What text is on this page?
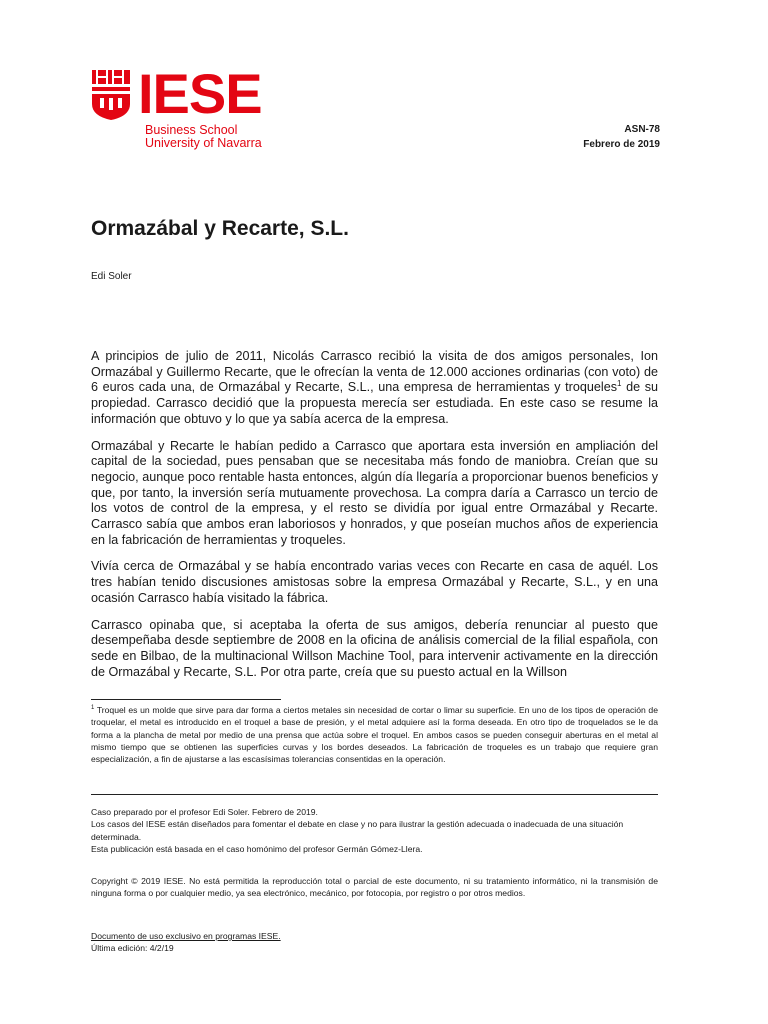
IESE
Business School
University of Navarra
ASN-78
Febrero de 2019
Ormazábal y Recarte, S.L.
Edi Soler

A principios de julio de 2011, Nicolás Carrasco recibió la visita de dos amigos personales, Ion Ormazábal y Guillermo Recarte, que le ofrecían la venta de 12.000 acciones ordinarias (con voto) de 6 euros cada una, de Ormazábal y Recarte, S.L., una empresa de herramientas y troqueles$^1$ de su propiedad. Carrasco decidió que la propuesta merecía ser estudiada. En este caso se resume la información que obtuvo y lo que ya sabía acerca de la empresa.

Ormazábal y Recarte le habían pedido a Carrasco que aportara esta inversión en ampliación del capital de la sociedad, pues pensaban que se necesitaba más fondo de maniobra. Creían que su negocio, aunque poco rentable hasta entonces, algún día llegaría a proporcionar buenos beneficios y que, por tanto, la inversión sería mutuamente provechosa. La compra daría a Carrasco un tercio de los votos de control de la empresa, y el resto se dividía por igual entre Ormazábal y Recarte. Carrasco sabía que ambos eran laboriosos y honrados, y que poseían muchos años de experiencia en la fabricación de herramientas y troqueles.

Vivía cerca de Ormazábal y se había encontrado varias veces con Recarte en casa de aquél. Los tres habían tenido discusiones amistosas sobre la empresa Ormazábal y Recarte, S.L., y en una ocasión Carrasco había visitado la fábrica.

Carrasco opinaba que, si aceptaba la oferta de sus amigos, debería renunciar al puesto que desempeñaba desde septiembre de 2008 en la oficina de análisis comercial de la filial española, con sede en Bilbao, de la multinacional Willson Machine Tool, para intervenir activamente en la dirección de Ormazábal y Recarte, S.L. Por otra parte, creía que su puesto actual en la Willson

$^1$ Troquel es un molde que sirve para dar forma a ciertos metales sin necesidad de cortar o limar su superficie. En uno de los tipos de operación de troquelar, el metal es introducido en el troquel a base de presión, y el metal adquiere así la forma deseada. En otro tipo de troquelados se le da forma a la plancha de metal por medio de una prensa que actúa sobre el troquel. En ambos casos se pueden conseguir aberturas en el metal al mismo tiempo que se obtienen las superficies curvas y los bordes deseados. La fabricación de troqueles es un trabajo que requiere gran especialización, a fin de ajustarse a las escasísimas tolerancias consentidas en la operación.

Caso preparado por el profesor Edi Soler. Febrero de 2019.

Los casos del IESE están diseñados para fomentar el debate en clase y no para ilustrar la gestión adecuada o inadecuada de una situación determinada.

Esta publicación está basada en el caso homónimo del profesor Germán Gómez-Llera.

Copyright © 2019 IESE. No está permitida la reproducción total o parcial de este documento, ni su tratamiento informático, ni la transmisión de ninguna forma o por cualquier medio, ya sea electrónico, mecánico, por fotocopia, por registro o por otros medios.

Documento de uso exclusivo en programas IESE.
Última edición: 4/2/19
